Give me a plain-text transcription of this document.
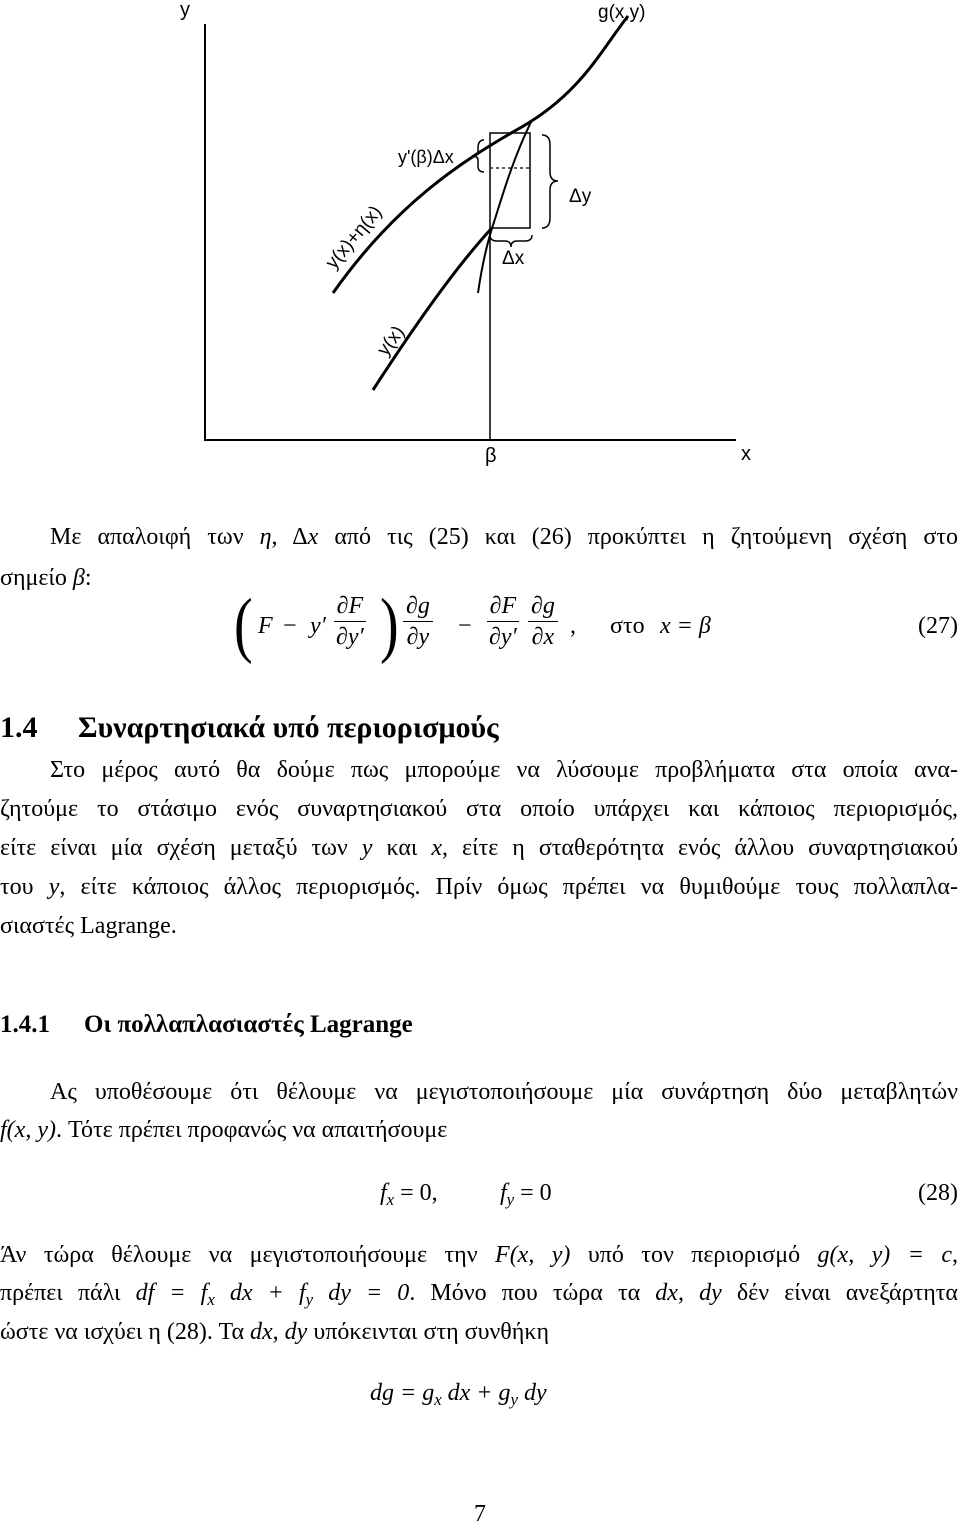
y
x
β
g(x,y)
y(x)+η(x)
y(x)
y'(β)Δx
Δy
Δx
Με απαλοιφή των η, Δx από τις (25) και (26) προκύπτει η ζητούμενη σχέση στο
σημείο β:
( $F - y' \frac{\partial F}{\partial y'}$ ) $\frac{\partial g}{\partial y} - \frac{\partial F}{\partial y'} \frac{\partial g}{\partial x}$ , στο x = β	(27)
1.4 Συναρτησιακά υπό περιορισμούς
Στο μέρος αυτό θα δούμε πως μπορούμε να λύσουμε προβλήματα στα οποία ανα-
ζητούμε το στάσιμο ενός συναρτησιακού στα οποίο υπάρχει και κάποιος περιορισμός,
είτε είναι μία σχέση μεταξύ των y και x, είτε η σταθερότητα ενός άλλου συναρτησιακού
του y, είτε κάποιος άλλος περιορισμός. Πρίν όμως πρέπει να θυμιθούμε τους πολλαπλα-
σιαστές Lagrange.
1.4.1 Οι πολλαπλασιαστές Lagrange
Ας υποθέσουμε ότι θέλουμε να μεγιστοποιήσουμε μία συνάρτηση δύο μεταβλητών
f(x, y). Τότε πρέπει προφανώς να απαιτήσουμε
$f_x = 0$,	$f_y = 0$	(28)
Άν τώρα θέλουμε να μεγιστοποιήσουμε την F(x, y) υπό τον περιορισμό g(x, y) = c,
πρέπει πάλι df = $f_x$ dx + $f_y$ dy = 0. Μόνο που τώρα τα dx, dy δέν είναι ανεξάρτητα
ώστε να ισχύει η (28). Τα dx, dy υπόκεινται στη συνθήκη
dg = $g_x$ dx + $g_y$ dy
7
